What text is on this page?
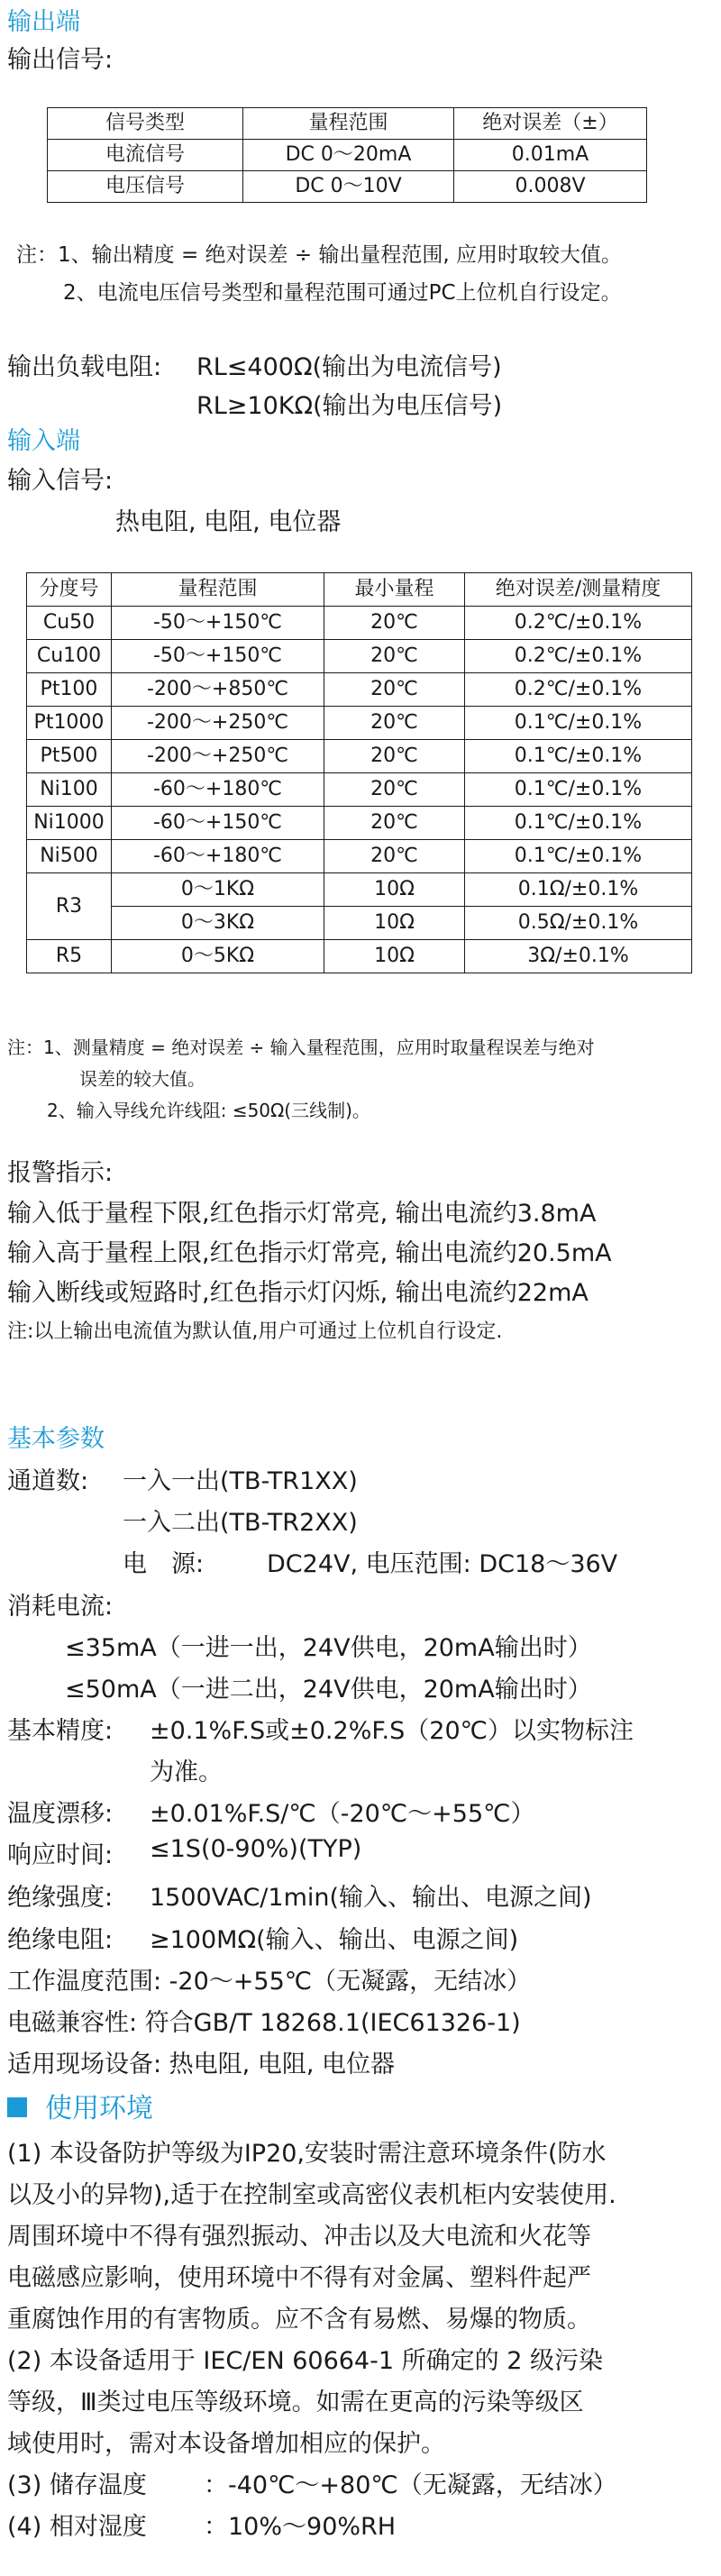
输出端
输出信号:
信号类型	量程范围	绝对误差（±）
电流信号	DC 0～20mA	0.01mA
电压信号	DC 0～10V	0.008V
注：1、输出精度 = 绝对误差 ÷ 输出量程范围, 应用时取较大值。
2、电流电压信号类型和量程范围可通过PC上位机自行设定。
输出负载电阻: RL≤400Ω(输出为电流信号)
RL≥10KΩ(输出为电压信号)
输入端
输入信号:
热电阻, 电阻, 电位器
分度号	量程范围	最小量程	绝对误差/测量精度
Cu50	-50～+150℃	20℃	0.2℃/±0.1%
Cu100	-50～+150℃	20℃	0.2℃/±0.1%
Pt100	-200～+850℃	20℃	0.2℃/±0.1%
Pt1000	-200～+250℃	20℃	0.1℃/±0.1%
Pt500	-200～+250℃	20℃	0.1℃/±0.1%
Ni100	-60～+180℃	20℃	0.1℃/±0.1%
Ni1000	-60～+150℃	20℃	0.1℃/±0.1%
Ni500	-60～+180℃	20℃	0.1℃/±0.1%
R3	0～1KΩ	10Ω	0.1Ω/±0.1%
	0～3KΩ	10Ω	0.5Ω/±0.1%
R5	0～5KΩ	10Ω	3Ω/±0.1%
注：1、测量精度 = 绝对误差 ÷ 输入量程范围，应用时取量程误差与绝对
误差的较大值。
2、输入导线允许线阻: ≤50Ω(三线制)。
报警指示:
输入低于量程下限,红色指示灯常亮, 输出电流约3.8mA
输入高于量程上限,红色指示灯常亮, 输出电流约20.5mA
输入断线或短路时,红色指示灯闪烁, 输出电流约22mA
注:以上输出电流值为默认值,用户可通过上位机自行设定.
基本参数
通道数: 一入一出(TB-TR1XX)
一入二出(TB-TR2XX)
电　源:	DC24V, 电压范围: DC18～36V
消耗电流:
≤35mA（一进一出，24V供电，20mA输出时）
≤50mA（一进二出，24V供电，20mA输出时）
基本精度: ±0.1%F.S或±0.2%F.S（20℃）以实物标注
为准。
温度漂移: ±0.01%F.S/℃（-20℃～+55℃）
响应时间: ≤1S(0-90%)(TYP)
绝缘强度: 1500VAC/1min(输入、输出、电源之间)
绝缘电阻: ≥100MΩ(输入、输出、电源之间)
工作温度范围: -20～+55℃（无凝露，无结冰）
电磁兼容性: 符合GB/T 18268.1(IEC61326-1)
适用现场设备: 热电阻, 电阻, 电位器
使用环境
(1) 本设备防护等级为IP20,安装时需注意环境条件(防水
以及小的异物),适于在控制室或高密仪表机柜内安装使用.
周围环境中不得有强烈振动、冲击以及大电流和火花等
电磁感应影响，使用环境中不得有对金属、塑料件起严
重腐蚀作用的有害物质。应不含有易燃、易爆的物质。
(2) 本设备适用于 IEC/EN 60664-1 所确定的 2 级污染
等级，Ⅲ类过电压等级环境。如需在更高的污染等级区
域使用时，需对本设备增加相应的保护。
(3) 储存温度 ：-40℃～+80℃（无凝露，无结冰）
(4) 相对湿度 ：10%～90%RH
